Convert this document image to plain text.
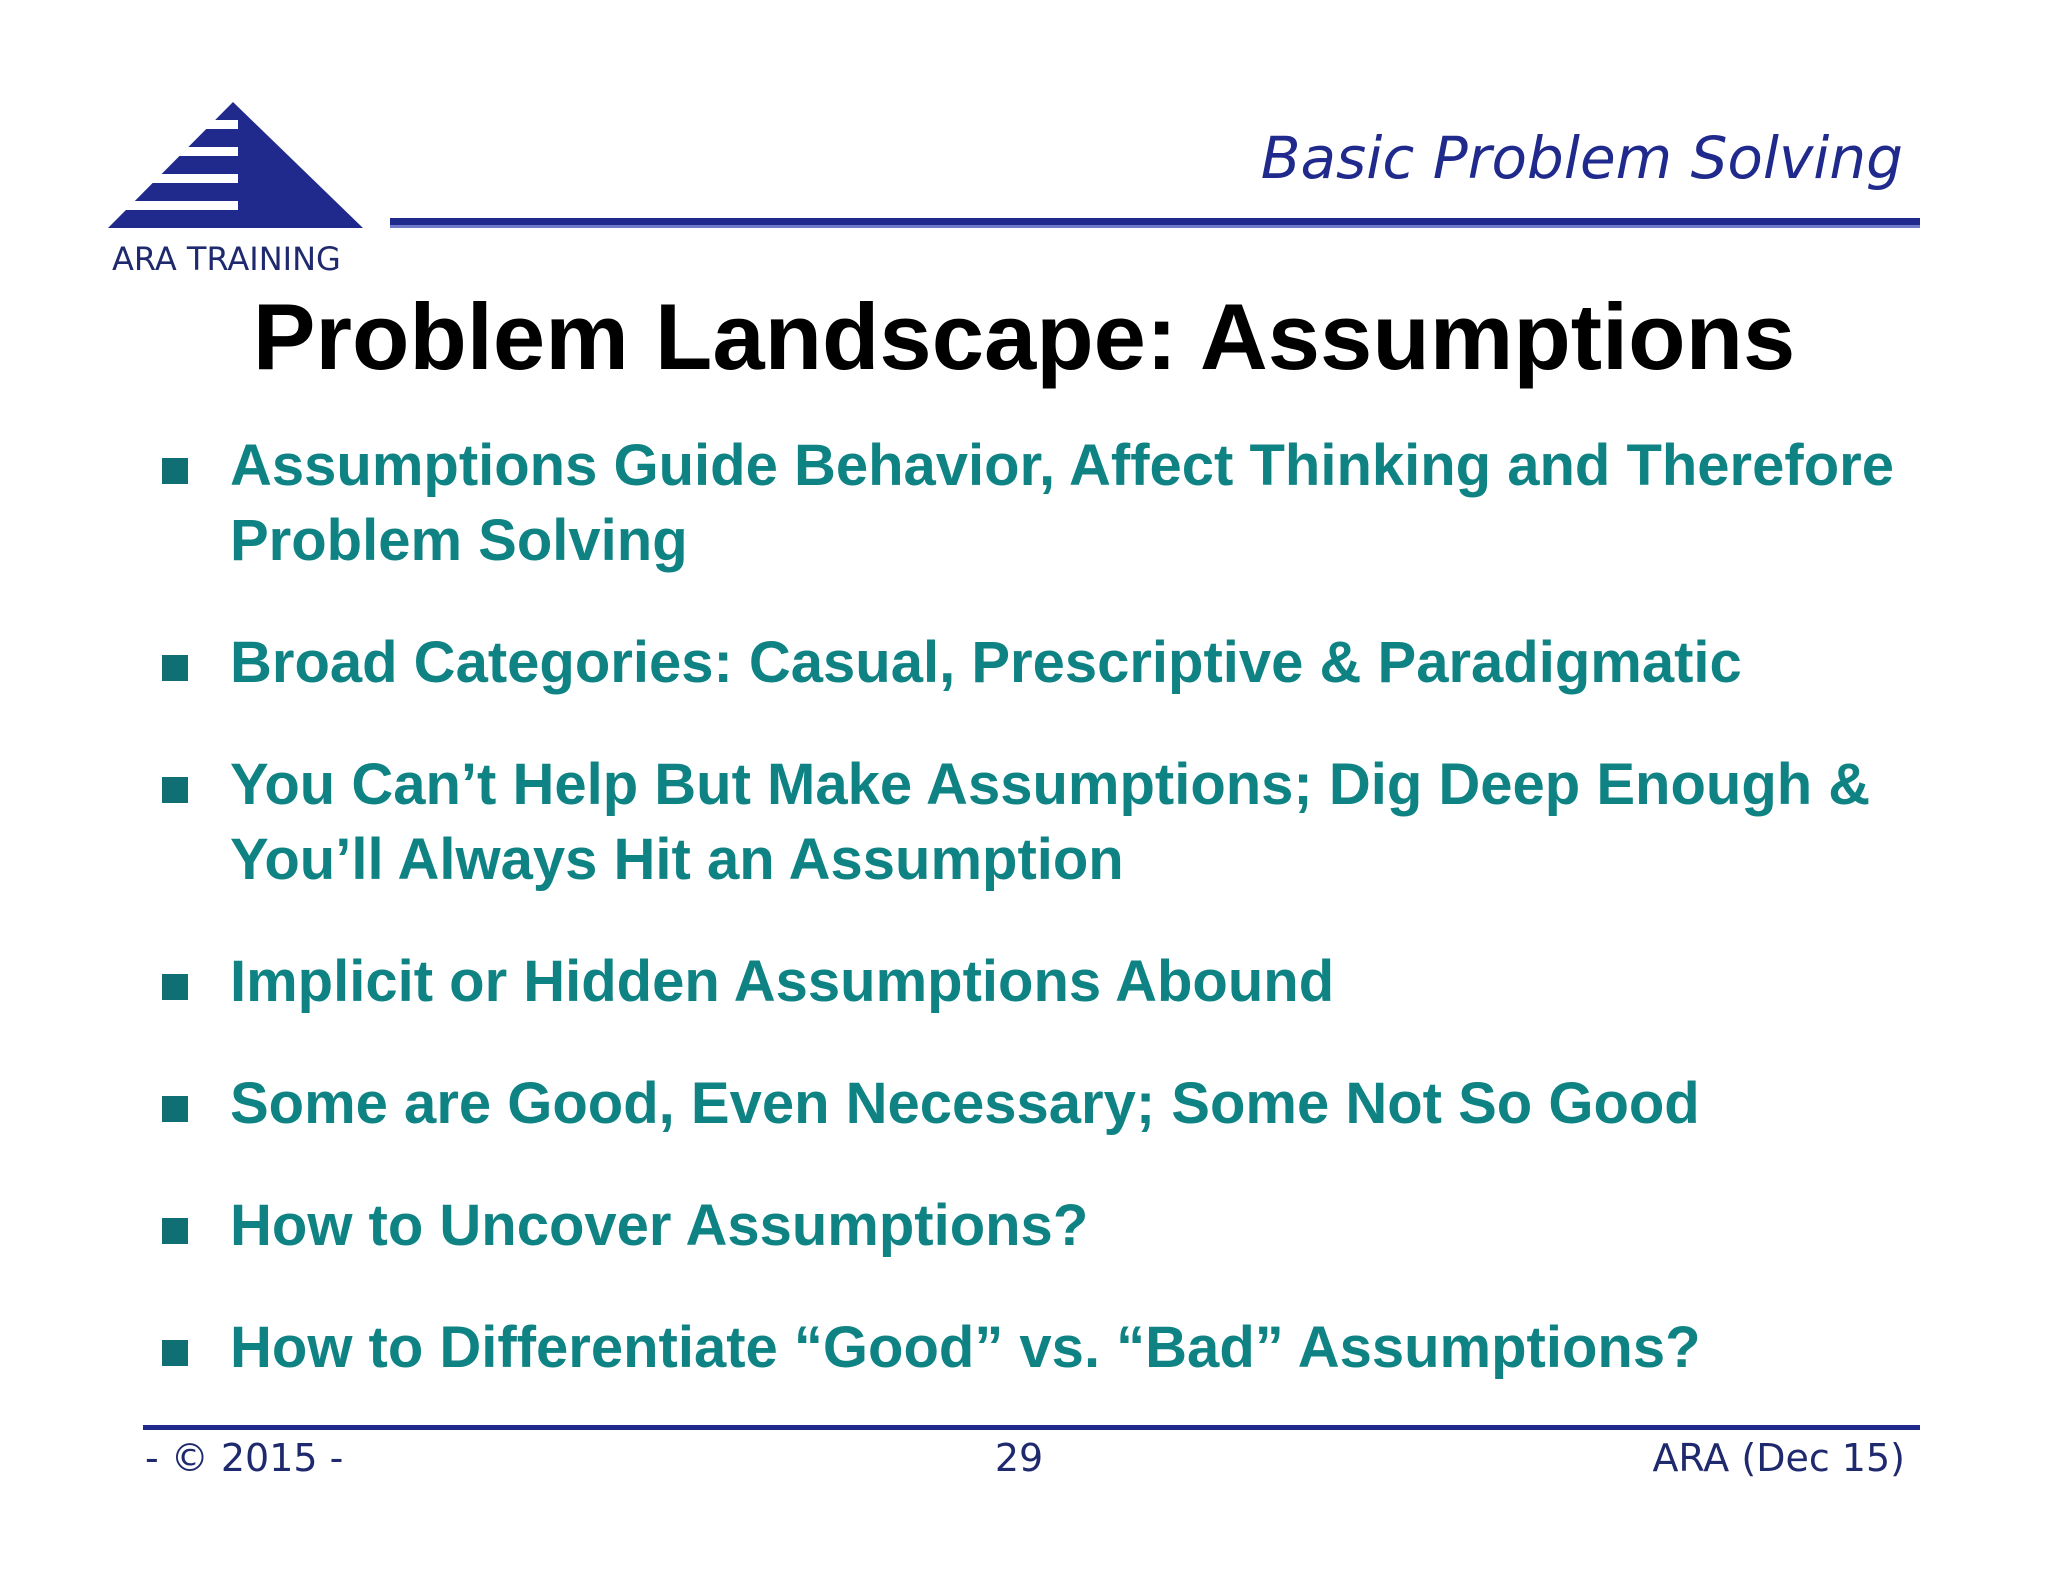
ARA TRAINING
Basic Problem Solving
Problem Landscape: Assumptions
Assumptions Guide Behavior, Affect Thinking and Therefore Problem Solving
Broad Categories: Casual, Prescriptive & Paradigmatic
You Can’t Help But Make Assumptions; Dig Deep Enough & You’ll Always Hit an Assumption
Implicit or Hidden Assumptions Abound
Some are Good, Even Necessary; Some Not So Good
How to Uncover Assumptions?
How to Differentiate “Good” vs. “Bad” Assumptions?
- © 2015 -	29	ARA (Dec 15)
